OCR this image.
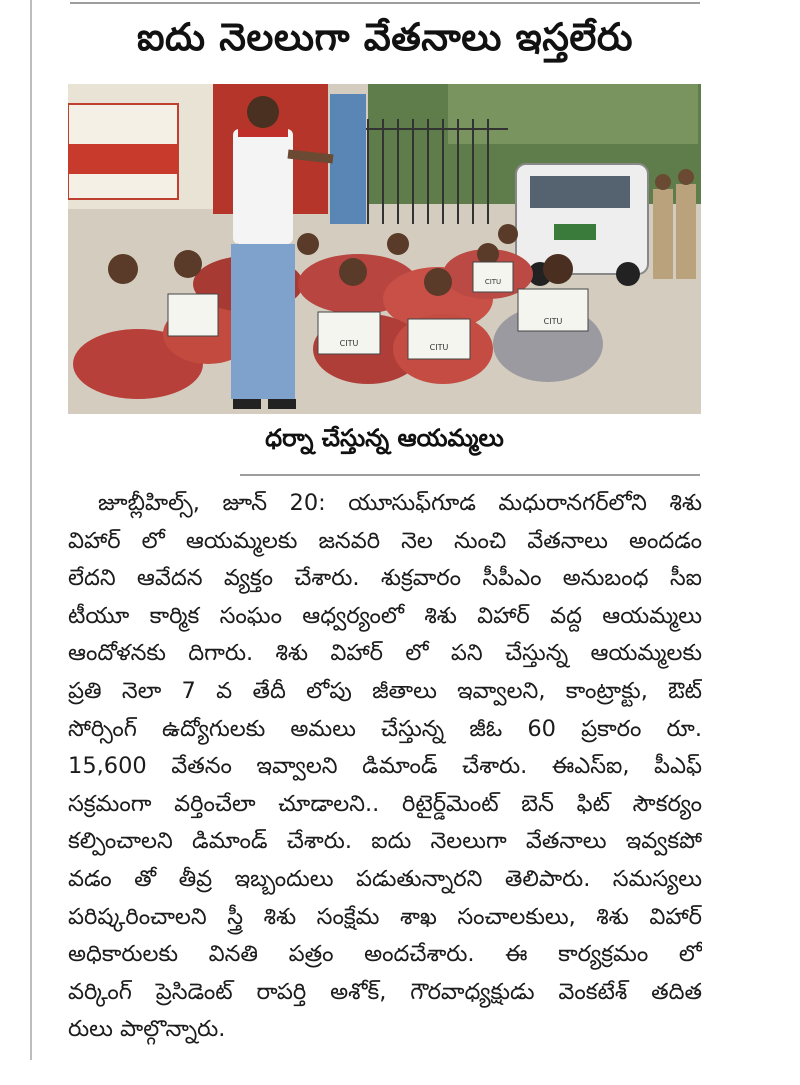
ఐదు నెలలుగా వేతనాలు ఇస్తలేరు
CITU	CITU
CITU
CITU
ధర్నా చేస్తున్న ఆయమ్మలు
జూబ్లీహిల్స్, జూన్ 20: యూసుఫ్‌గూడ మధురానగర్‌లోని శిశు
విహార్ లో ఆయమ్మలకు జనవరి నెల నుంచి వేతనాలు అందడం
లేదని ఆవేదన వ్యక్తం చేశారు. శుక్రవారం సీపీఎం అనుబంధ సీఐ
టీయూ కార్మిక సంఘం ఆధ్వర్యంలో శిశు విహార్ వద్ద ఆయమ్మలు
ఆందోళనకు దిగారు. శిశు విహార్ లో పని చేస్తున్న ఆయమ్మలకు
ప్రతి నెలా 7 వ తేదీ లోపు జీతాలు ఇవ్వాలని, కాంట్రాక్టు, ఔట్
సోర్సింగ్ ఉద్యోగులకు అమలు చేస్తున్న జీఓ 60 ప్రకారం రూ.
15,600 వేతనం ఇవ్వాలని డిమాండ్ చేశారు. ఈఎస్ఐ, పీఎఫ్
సక్రమంగా వర్తించేలా చూడాలని.. రిటైర్డ్‌మెంట్ బెన్ ఫిట్ సౌకర్యం
కల్పించాలని డిమాండ్ చేశారు. ఐదు నెలలుగా వేతనాలు ఇవ్వకపో
వడం తో తీవ్ర ఇబ్బందులు పడుతున్నారని తెలిపారు. సమస్యలు
పరిష్కరించాలని స్త్రీ శిశు సంక్షేమ శాఖ సంచాలకులు, శిశు విహార్
అధికారులకు వినతి పత్రం అందచేశారు. ఈ కార్యక్రమం లో
వర్కింగ్ ప్రెసిడెంట్ రాపర్తి అశోక్, గౌరవాధ్యక్షుడు వెంకటేశ్ తదిత
రులు పాల్గొన్నారు.
